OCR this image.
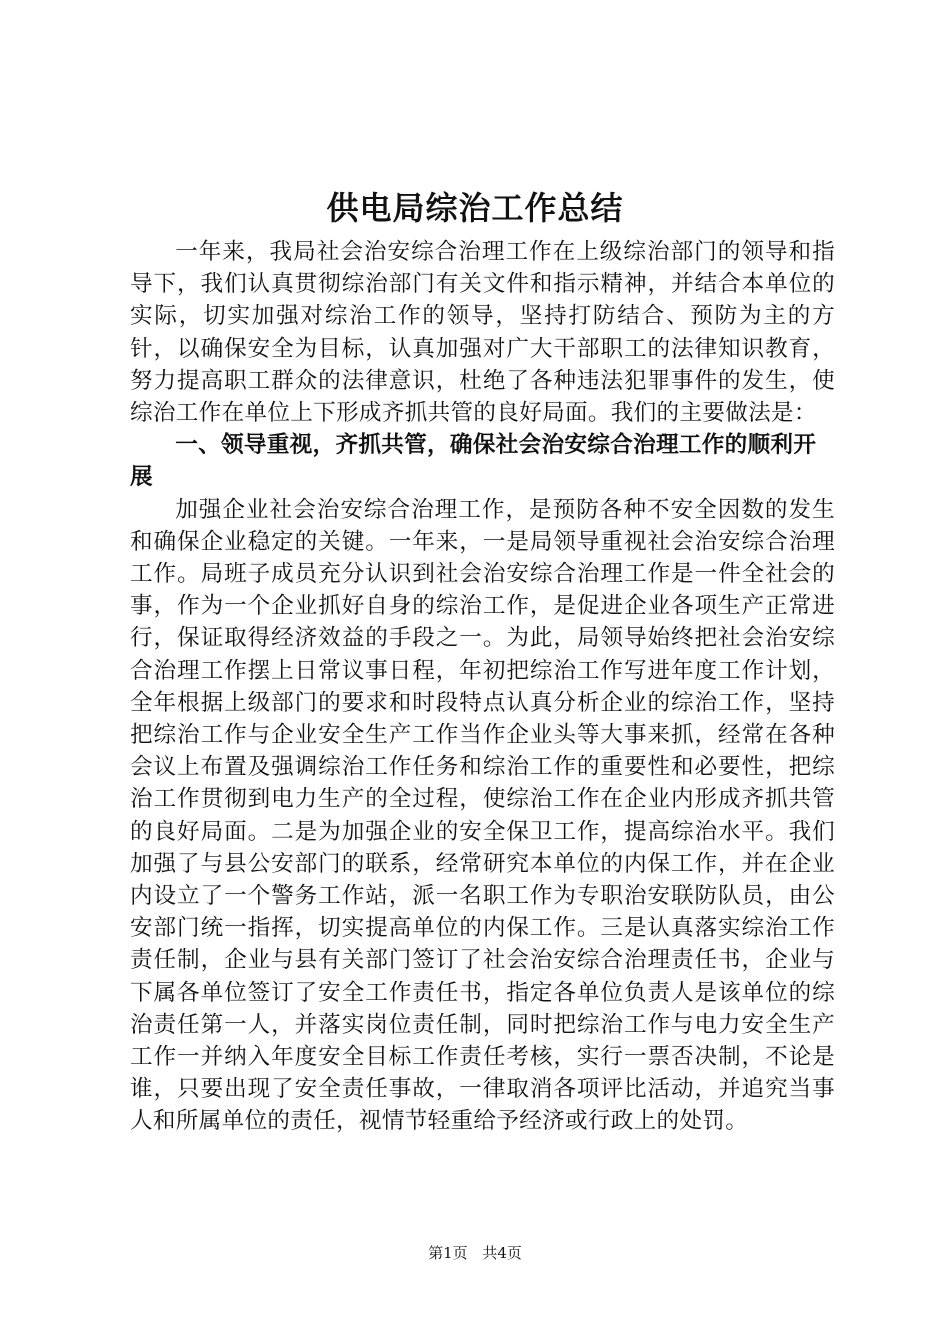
供电局综治工作总结

一年来，我局社会治安综合治理工作在上级综治部门的领导和指导下，我们认真贯彻综治部门有关文件和指示精神，并结合本单位的实际，切实加强对综治工作的领导，坚持打防结合、预防为主的方针，以确保安全为目标，认真加强对广大干部职工的法律知识教育，努力提高职工群众的法律意识，杜绝了各种违法犯罪事件的发生，使综治工作在单位上下形成齐抓共管的良好局面。我们的主要做法是：

一、领导重视，齐抓共管，确保社会治安综合治理工作的顺利开展

加强企业社会治安综合治理工作，是预防各种不安全因数的发生和确保企业稳定的关键。一年来，一是局领导重视社会治安综合治理工作。局班子成员充分认识到社会治安综合治理工作是一件全社会的事，作为一个企业抓好自身的综治工作，是促进企业各项生产正常进行，保证取得经济效益的手段之一。为此，局领导始终把社会治安综合治理工作摆上日常议事日程，年初把综治工作写进年度工作计划，全年根据上级部门的要求和时段特点认真分析企业的综治工作，坚持把综治工作与企业安全生产工作当作企业头等大事来抓，经常在各种会议上布置及强调综治工作任务和综治工作的重要性和必要性，把综治工作贯彻到电力生产的全过程，使综治工作在企业内形成齐抓共管的良好局面。二是为加强企业的安全保卫工作，提高综治水平。我们加强了与县公安部门的联系，经常研究本单位的内保工作，并在企业内设立了一个警务工作站，派一名职工作为专职治安联防队员，由公安部门统一指挥，切实提高单位的内保工作。三是认真落实综治工作责任制，企业与县有关部门签订了社会治安综合治理责任书，企业与下属各单位签订了安全工作责任书，指定各单位负责人是该单位的综治责任第一人，并落实岗位责任制，同时把综治工作与电力安全生产工作一并纳入年度安全目标工作责任考核，实行一票否决制，不论是谁，只要出现了安全责任事故，一律取消各项评比活动，并追究当事人和所属单位的责任，视情节轻重给予经济或行政上的处罚。

第1页 共4页
